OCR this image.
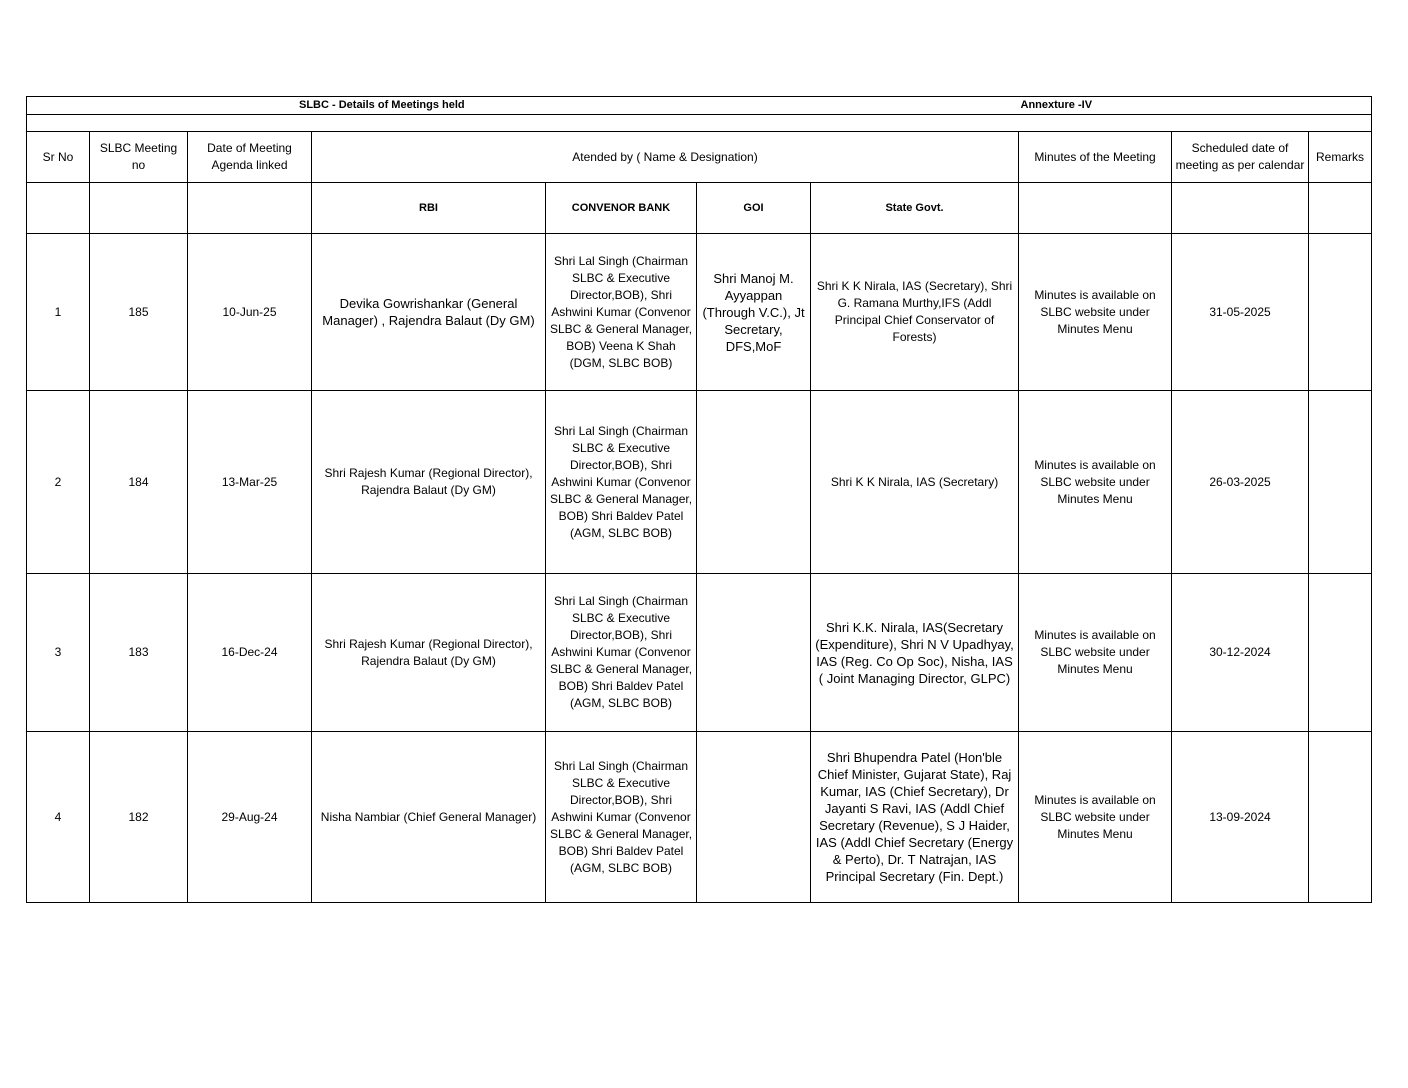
SLBC - Details of Meetings held							Annexture -IV		

Sr No	SLBC Meeting no	Date of Meeting Agenda linked	Atended by ( Name & Designation)				Minutes of the Meeting	Scheduled date of meeting as per calendar	Remarks
			RBI	CONVENOR BANK	GOI	State Govt.			
1	185	10-Jun-25	Devika Gowrishankar (General Manager) , Rajendra Balaut (Dy GM)	Shri Lal Singh (Chairman SLBC & Executive Director,BOB), Shri Ashwini Kumar (Convenor SLBC & General Manager, BOB) Veena K Shah (DGM, SLBC BOB)	Shri Manoj M. Ayyappan (Through V.C.), Jt Secretary, DFS,MoF	Shri K K Nirala, IAS (Secretary), Shri G. Ramana Murthy,IFS (Addl Principal Chief Conservator of Forests)	Minutes is available on SLBC website under Minutes Menu	31-05-2025	
2	184	13-Mar-25	Shri Rajesh Kumar (Regional Director), Rajendra Balaut (Dy GM)	Shri Lal Singh (Chairman SLBC & Executive Director,BOB), Shri Ashwini Kumar (Convenor SLBC & General Manager, BOB) Shri Baldev Patel (AGM, SLBC BOB)		Shri K K Nirala, IAS (Secretary)	Minutes is available on SLBC website under Minutes Menu	26-03-2025	
3	183	16-Dec-24	Shri Rajesh Kumar (Regional Director), Rajendra Balaut (Dy GM)	Shri Lal Singh (Chairman SLBC & Executive Director,BOB), Shri Ashwini Kumar (Convenor SLBC & General Manager, BOB) Shri Baldev Patel (AGM, SLBC BOB)		Shri K.K. Nirala, IAS(Secretary (Expenditure), Shri N V Upadhyay, IAS (Reg. Co Op Soc), Nisha, IAS ( Joint Managing Director, GLPC)	Minutes is available on SLBC website under Minutes Menu	30-12-2024	
4	182	29-Aug-24	Nisha Nambiar (Chief General Manager)	Shri Lal Singh (Chairman SLBC & Executive Director,BOB), Shri Ashwini Kumar (Convenor SLBC & General Manager, BOB) Shri Baldev Patel (AGM, SLBC BOB)		Shri Bhupendra Patel (Hon'ble Chief Minister, Gujarat State), Raj Kumar, IAS (Chief Secretary), Dr Jayanti S Ravi, IAS (Addl Chief Secretary (Revenue), S J Haider, IAS (Addl Chief Secretary (Energy & Perto), Dr. T Natrajan, IAS Principal Secretary (Fin. Dept.)	Minutes is available on SLBC website under Minutes Menu	13-09-2024	
